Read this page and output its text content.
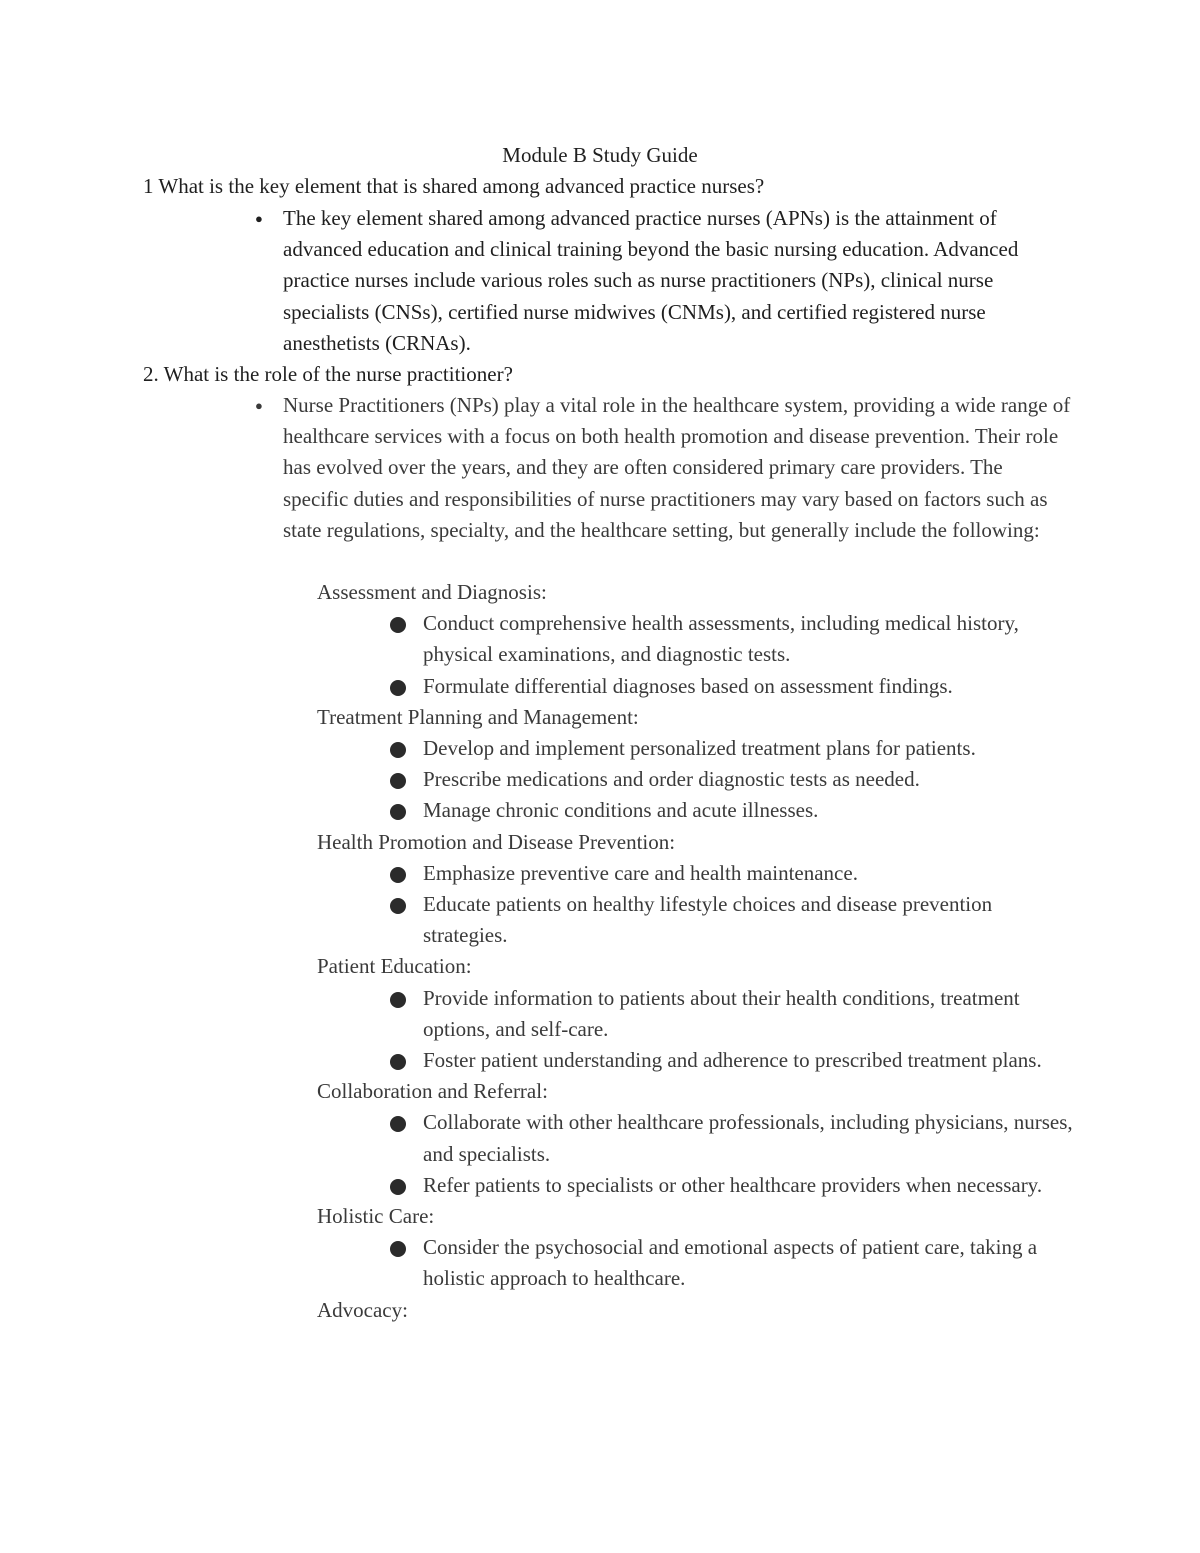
Module B Study Guide
1 What is the key element that is shared among advanced practice nurses?
● The key element shared among advanced practice nurses (APNs) is the attainment of advanced education and clinical training beyond the basic nursing education. Advanced practice nurses include various roles such as nurse practitioners (NPs), clinical nurse specialists (CNSs), certified nurse midwives (CNMs), and certified registered nurse anesthetists (CRNAs).
2. What is the role of the nurse practitioner?
● Nurse Practitioners (NPs) play a vital role in the healthcare system, providing a wide range of healthcare services with a focus on both health promotion and disease prevention. Their role has evolved over the years, and they are often considered primary care providers. The specific duties and responsibilities of nurse practitioners may vary based on factors such as state regulations, specialty, and the healthcare setting, but generally include the following:
Assessment and Diagnosis:
Conduct comprehensive health assessments, including medical history, physical examinations, and diagnostic tests.
Formulate differential diagnoses based on assessment findings.
Treatment Planning and Management:
Develop and implement personalized treatment plans for patients.
Prescribe medications and order diagnostic tests as needed.
Manage chronic conditions and acute illnesses.
Health Promotion and Disease Prevention:
Emphasize preventive care and health maintenance.
Educate patients on healthy lifestyle choices and disease prevention strategies.
Patient Education:
Provide information to patients about their health conditions, treatment options, and self-care.
Foster patient understanding and adherence to prescribed treatment plans.
Collaboration and Referral:
Collaborate with other healthcare professionals, including physicians, nurses, and specialists.
Refer patients to specialists or other healthcare providers when necessary.
Holistic Care:
Consider the psychosocial and emotional aspects of patient care, taking a holistic approach to healthcare.
Advocacy:
